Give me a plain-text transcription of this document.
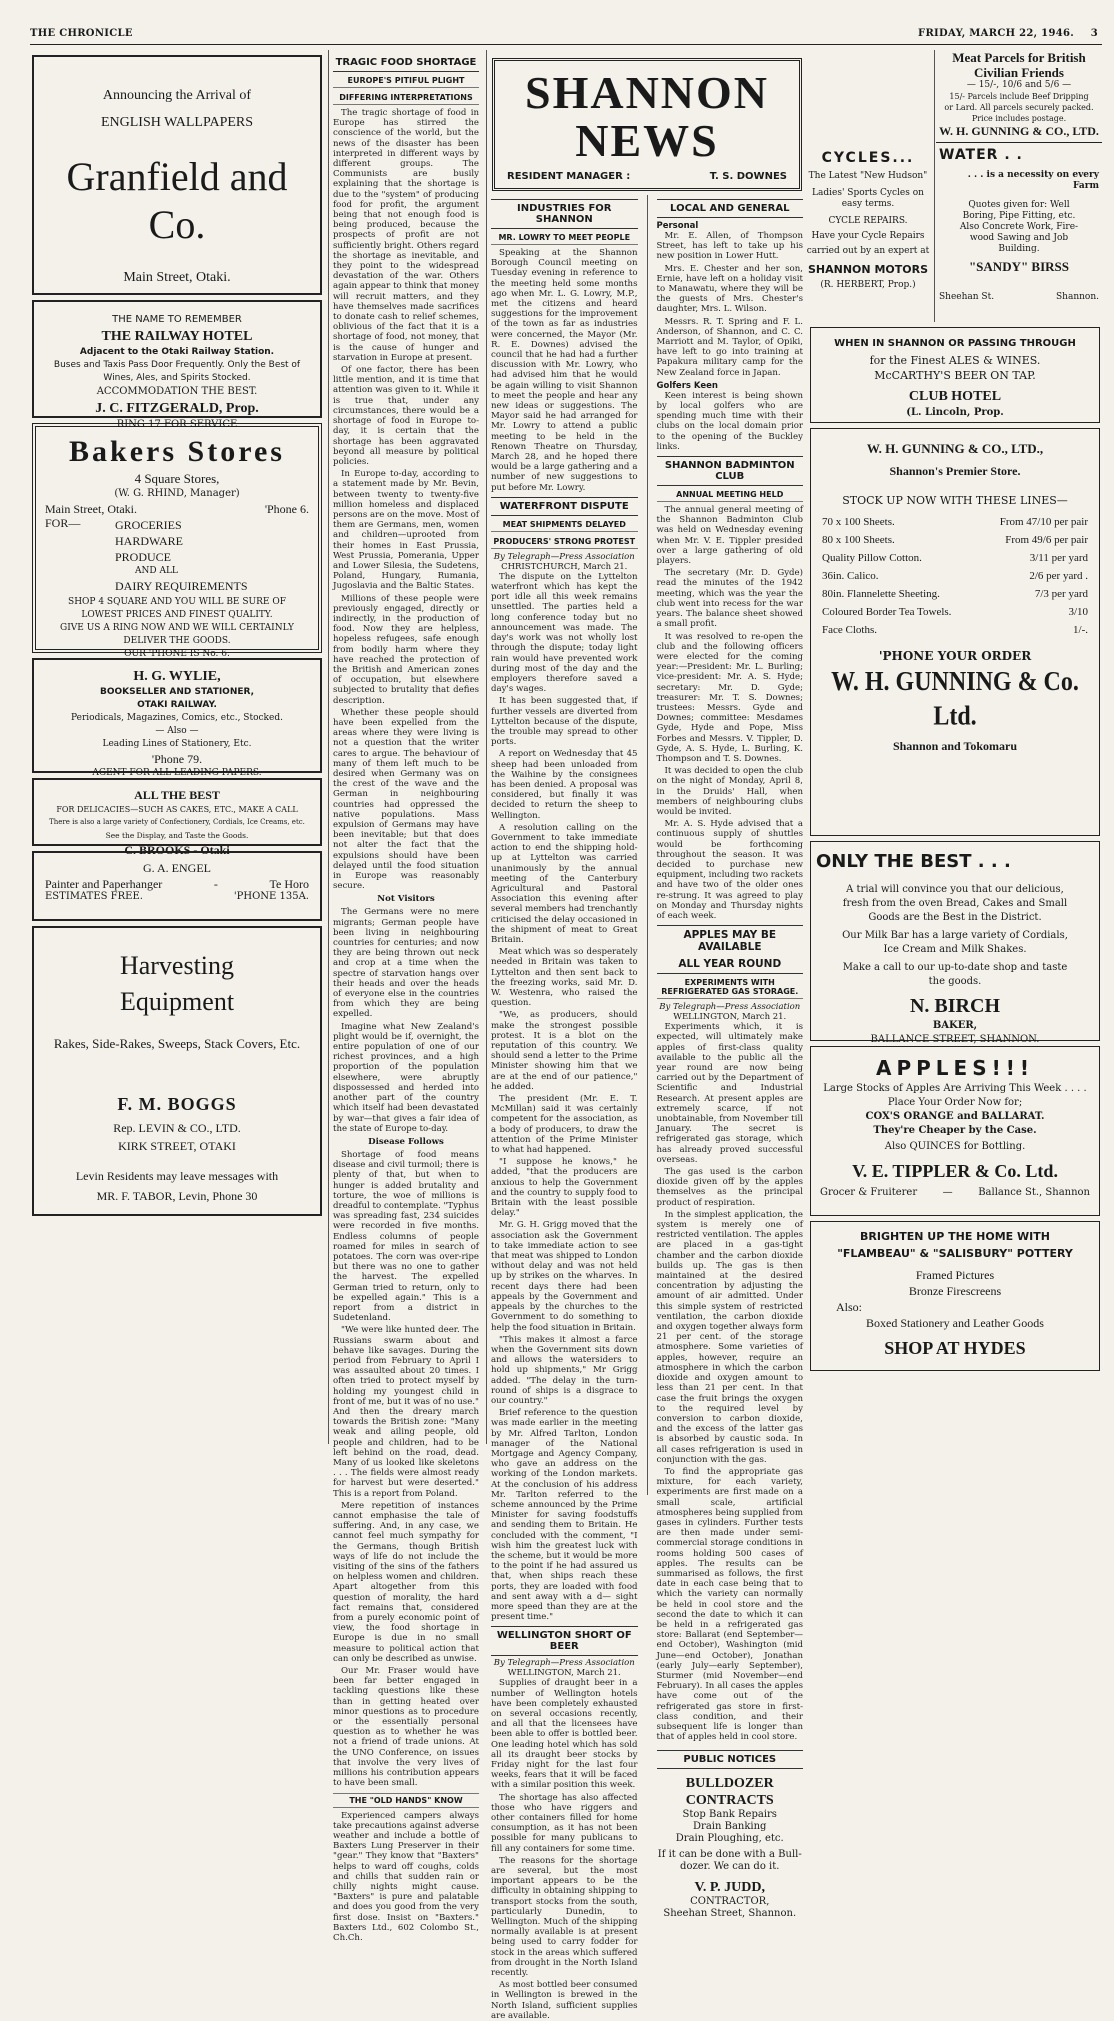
THE CHRONICLE	FRIDAY, MARCH 22, 1946. 3

Announcing the Arrival of

ENGLISH WALLPAPERS

Granfield and Co.

Main Street, Otaki.

THE NAME TO REMEMBER

THE RAILWAY HOTEL

Adjacent to the Otaki Railway Station.

Buses and Taxis Pass Door Frequently. Only the Best of

Wines, Ales, and Spirits Stocked.

ACCOMMODATION THE BEST.

J. C. FITZGERALD, Prop.

RING 17 FOR SERVICE

Bakers Stores

4 Square Stores,

(W. G. RHIND, Manager)

Main Street, Otaki.	'Phone 6.
FOR—	GROCERIES

HARDWARE

PRODUCE

AND ALL

DAIRY REQUIREMENTS

SHOP 4 SQUARE AND YOU WILL BE SURE OF

LOWEST PRICES AND FINEST QUALITY.

GIVE US A RING NOW AND WE WILL CERTAINLY

DELIVER THE GOODS.

OUR 'PHONE IS No. 6.

H. G. WYLIE,

BOOKSELLER AND STATIONER,

OTAKI RAILWAY.

Periodicals, Magazines, Comics, etc., Stocked.

— Also —

Leading Lines of Stationery, Etc.

'Phone 79.

AGENT FOR ALL LEADING PAPERS.

ALL THE BEST

FOR DELICACIES—SUCH AS CAKES, ETC., MAKE A CALL

There is also a large variety of Confectionery, Cordials, Ice Creams, etc.

See the Display, and Taste the Goods.

C. BROOKS - Otaki

G. A. ENGEL

Painter and Paperhanger	-	Te Horo
ESTIMATES FREE.	'PHONE 135A.

Harvesting

Equipment

Rakes, Side-Rakes, Sweeps, Stack Covers, Etc.

F. M. BOGGS

Rep. LEVIN & CO., LTD.

KIRK STREET, OTAKI

Levin Residents may leave messages with

MR. F. TABOR, Levin, Phone 30

TRAGIC FOOD SHORTAGE
EUROPE'S PITIFUL PLIGHT
DIFFERING INTERPRETATIONS

The tragic shortage of food in Europe has stirred the conscience of the world, but the news of the disaster has been interpreted in different ways by different groups. The Communists are busily explaining that the shortage is due to the "system" of producing food for profit, the argument being that not enough food is being produced, because the prospects of profit are not sufficiently bright. Others regard the shortage as inevitable, and they point to the widespread devastation of the war. Others again appear to think that money will recruit matters, and they have themselves made sacrifices to donate cash to relief schemes, oblivious of the fact that it is a shortage of food, not money, that is the cause of hunger and starvation in Europe at present.

Of one factor, there has been little mention, and it is time that attention was given to it. While it is true that, under any circumstances, there would be a shortage of food in Europe to-day, it is certain that the shortage has been aggravated beyond all measure by political policies.

In Europe to-day, according to a statement made by Mr. Bevin, between twenty to twenty-five million homeless and displaced persons are on the move. Most of them are Germans, men, women and children—uprooted from their homes in East Prussia, West Prussia, Pomerania, Upper and Lower Silesia, the Sudetens, Poland, Hungary, Rumania, Jugoslavia and the Baltic States.

Millions of these people were previously engaged, directly or indirectly, in the production of food. Now they are helpless, hopeless refugees, safe enough from bodily harm where they have reached the protection of the British and American zones of occupation, but elsewhere subjected to brutality that defies description.

Whether these people should have been expelled from the areas where they were living is not a question that the writer cares to argue. The behaviour of many of them left much to be desired when Germany was on the crest of the wave and the German in neighbouring countries had oppressed the native populations. Mass expulsion of Germans may have been inevitable; but that does not alter the fact that the expulsions should have been delayed until the food situation in Europe was reasonably secure.

Not Visitors

The Germans were no mere migrants; German people have been living in neighbouring countries for centuries; and now they are being thrown out neck and crop at a time when the spectre of starvation hangs over their heads and over the heads of everyone else in the countries from which they are being expelled.

Imagine what New Zealand's plight would be if, overnight, the entire population of one of our richest provinces, and a high proportion of the population elsewhere, were abruptly dispossessed and herded into another part of the country which itself had been devastated by war—that gives a fair idea of the state of Europe to-day.

Disease Follows

Shortage of food means disease and civil turmoil; there is plenty of that, but when to hunger is added brutality and torture, the woe of millions is dreadful to contemplate. "Typhus was spreading fast, 234 suicides were recorded in five months. Endless columns of people roamed for miles in search of potatoes. The corn was over-ripe but there was no one to gather the harvest. The expelled German tried to return, only to be expelled again." This is a report from a district in Sudetenland.

"We were like hunted deer. The Russians swarm about and behave like savages. During the period from February to April I was assaulted about 20 times. I often tried to protect myself by holding my youngest child in front of me, but it was of no use." And then the dreary march towards the British zone: "Many weak and ailing people, old people and children, had to be left behind on the road, dead. Many of us looked like skeletons . . . The fields were almost ready for harvest but were deserted." This is a report from Poland.

Mere repetition of instances cannot emphasise the tale of suffering. And, in any case, we cannot feel much sympathy for the Germans, though British ways of life do not include the visiting of the sins of the fathers on helpless women and children. Apart altogether from this question of morality, the hard fact remains that, considered from a purely economic point of view, the food shortage in Europe is due in no small measure to political action that can only be described as unwise.

Our Mr. Fraser would have been far better engaged in tackling questions like these than in getting heated over minor questions as to procedure or the essentially personal question as to whether he was not a friend of trade unions. At the UNO Conference, on issues that involve the very lives of millions his contribution appears to have been small.

THE "OLD HANDS" KNOW

Experienced campers always take precautions against adverse weather and include a bottle of Baxters Lung Preserver in their "gear." They know that "Baxters" helps to ward off coughs, colds and chills that sudden rain or chilly nights might cause. "Baxters" is pure and palatable and does you good from the very first dose. Insist on "Baxters." Baxters Ltd., 602 Colombo St., Ch.Ch.

SHANNON NEWS
RESIDENT MANAGER :	T. S. DOWNES
INDUSTRIES FOR SHANNON
MR. LOWRY TO MEET PEOPLE

Speaking at the Shannon Borough Council meeting on Tuesday evening in reference to the meeting held some months ago when Mr. L. G. Lowry, M.P., met the citizens and heard suggestions for the improvement of the town as far as industries were concerned, the Mayor (Mr. R. E. Downes) advised the council that he had had a further discussion with Mr. Lowry, who had advised him that he would be again willing to visit Shannon to meet the people and hear any new ideas or suggestions. The Mayor said he had arranged for Mr. Lowry to attend a public meeting to be held in the Renown Theatre on Thursday, March 28, and he hoped there would be a large gathering and a number of new suggestions to put before Mr. Lowry.

WATERFRONT DISPUTE
MEAT SHIPMENTS DELAYED
PRODUCERS' STRONG PROTEST

By Telegraph—Press Association

CHRISTCHURCH, March 21.

The dispute on the Lyttelton waterfront which has kept the port idle all this week remains unsettled. The parties held a long conference today but no announcement was made. The day's work was not wholly lost through the dispute; today light rain would have prevented work during most of the day and the employers therefore saved a day's wages.

It has been suggested that, if further vessels are diverted from Lyttelton because of the dispute, the trouble may spread to other ports.

A report on Wednesday that 45 sheep had been unloaded from the Waihine by the consignees has been denied. A proposal was considered, but finally it was decided to return the sheep to Wellington.

A resolution calling on the Government to take immediate action to end the shipping hold-up at Lyttelton was carried unanimously by the annual meeting of the Canterbury Agricultural and Pastoral Association this evening after several members had trenchantly criticised the delay occasioned in the shipment of meat to Great Britain.

Meat which was so desperately needed in Britain was taken to Lyttelton and then sent back to the freezing works, said Mr. D. W. Westenra, who raised the question.

"We, as producers, should make the strongest possible protest. It is a blot on the reputation of this country. We should send a letter to the Prime Minister showing him that we are at the end of our patience," he added.

The president (Mr. E. T. McMillan) said it was certainly competent for the association, as a body of producers, to draw the attention of the Prime Minister to what had happened.

"I suppose he knows," he added, "that the producers are anxious to help the Government and the country to supply food to Britain with the least possible delay."

Mr. G. H. Grigg moved that the association ask the Government to take immediate action to see that meat was shipped to London without delay and was not held up by strikes on the wharves. In recent days there had been appeals by the Government and appeals by the churches to the Government to do something to help the food situation in Britain.

"This makes it almost a farce when the Government sits down and allows the watersiders to hold up shipments," Mr Grigg added. "The delay in the turn-round of ships is a disgrace to our country."

Brief reference to the question was made earlier in the meeting by Mr. Alfred Tarlton, London manager of the National Mortgage and Agency Company, who gave an address on the working of the London markets. At the conclusion of his address Mr. Tarlton referred to the scheme announced by the Prime Minister for saving foodstuffs and sending them to Britain. He concluded with the comment, "I wish him the greatest luck with the scheme, but it would be more to the point if he had assured us that, when ships reach these ports, they are loaded with food and sent away with a d— sight more speed than they are at the present time."

WELLINGTON SHORT OF BEER

By Telegraph—Press Association

WELLINGTON, March 21.

Supplies of draught beer in a number of Wellington hotels have been completely exhausted on several occasions recently, and all that the licensees have been able to offer is bottled beer. One leading hotel which has sold all its draught beer stocks by Friday night for the last four weeks, fears that it will be faced with a similar position this week.

The shortage has also affected those who have riggers and other containers filled for home consumption, as it has not been possible for many publicans to fill any containers for some time.

The reasons for the shortage are several, but the most important appears to be the difficulty in obtaining shipping to transport stocks from the south, particularly Dunedin, to Wellington. Much of the shipping normally available is at present being used to carry fodder for stock in the areas which suffered from drought in the North Island recently.

As most bottled beer consumed in Wellington is brewed in the North Island, sufficient supplies are available.

LOCAL AND GENERAL

Personal

Mr. E. Allen, of Thompson Street, has left to take up his new position in Lower Hutt.

Mrs. E. Chester and her son, Ernie, have left on a holiday visit to Manawatu, where they will be the guests of Mrs. Chester's daughter, Mrs. L. Wilson.

Messrs. R. T. Spring and F. L. Anderson, of Shannon, and C. C. Marriott and M. Taylor, of Opiki, have left to go into training at Papakura military camp for the New Zealand force in Japan.

Golfers Keen

Keen interest is being shown by local golfers who are spending much time with their clubs on the local domain prior to the opening of the Buckley links.

SHANNON BADMINTON CLUB
ANNUAL MEETING HELD

The annual general meeting of the Shannon Badminton Club was held on Wednesday evening when Mr. V. E. Tippler presided over a large gathering of old players.

The secretary (Mr. D. Gyde) read the minutes of the 1942 meeting, which was the year the club went into recess for the war years. The balance sheet showed a small profit.

It was resolved to re-open the club and the following officers were elected for the coming year:—President: Mr. L. Burling; vice-president: Mr. A. S. Hyde; secretary: Mr. D. Gyde; treasurer: Mr. T. S. Downes; trustees: Messrs. Gyde and Downes; committee: Mesdames Gyde, Hyde and Pope, Miss Forbes and Messrs. V. Tippler, D. Gyde, A. S. Hyde, L. Burling, K. Thompson and T. S. Downes.

It was decided to open the club on the night of Monday, April 8, in the Druids' Hall, when members of neighbouring clubs would be invited.

Mr. A. S. Hyde advised that a continuous supply of shuttles would be forthcoming throughout the season. It was decided to purchase new equipment, including two rackets and have two of the older ones re-strung. It was agreed to play on Monday and Thursday nights of each week.

APPLES MAY BE AVAILABLE
ALL YEAR ROUND
EXPERIMENTS WITH REFRIGERATED GAS STORAGE.

By Telegraph—Press Association

WELLINGTON, March 21.

Experiments which, it is expected, will ultimately make apples of first-class quality available to the public all the year round are now being carried out by the Department of Scientific and Industrial Research. At present apples are extremely scarce, if not unobtainable, from November till January. The secret is refrigerated gas storage, which has already proved successful overseas.

The gas used is the carbon dioxide given off by the apples themselves as the principal product of respiration.

In the simplest application, the system is merely one of restricted ventilation. The apples are placed in a gas-tight chamber and the carbon dioxide builds up. The gas is then maintained at the desired concentration by adjusting the amount of air admitted. Under this simple system of restricted ventilation, the carbon dioxide and oxygen together always form 21 per cent. of the storage atmosphere. Some varieties of apples, however, require an atmosphere in which the carbon dioxide and oxygen amount to less than 21 per cent. In that case the fruit brings the oxygen to the required level by conversion to carbon dioxide, and the excess of the latter gas is absorbed by caustic soda. In all cases refrigeration is used in conjunction with the gas.

To find the appropriate gas mixture, for each variety, experiments are first made on a small scale, artificial atmospheres being supplied from gases in cylinders. Further tests are then made under semi-commercial storage conditions in rooms holding 500 cases of apples. The results can be summarised as follows, the first date in each case being that to which the variety can normally be held in cool store and the second the date to which it can be held in a refrigerated gas store: Ballarat (end September—end October), Washington (mid June—end October), Jonathan (early July—early September), Sturmer (mid November—end February). In all cases the apples have come out of the refrigerated gas store in first-class condition, and their subsequent life is longer than that of apples held in cool store.

PUBLIC NOTICES

BULLDOZER CONTRACTS

Stop Bank Repairs

Drain Banking

Drain Ploughing, etc.

If it can be done with a Bull-

dozer. We can do it.

V. P. JUDD,

CONTRACTOR,

Sheehan Street, Shannon.

CYCLES...

The Latest "New Hudson"

Ladies' Sports Cycles on

easy terms.

CYCLE REPAIRS.

Have your Cycle Repairs

carried out by an expert at

SHANNON MOTORS

(R. HERBERT, Prop.)

Meat Parcels for British

Civilian Friends

— 15/-, 10/6 and 5/6 —

15/- Parcels include Beef Dripping

or Lard. All parcels securely packed.

Price includes postage.

W. H. GUNNING & CO., LTD.

WATER . .

. . . is a necessity on every Farm

Quotes given for: Well

Boring, Pipe Fitting, etc.

Also Concrete Work, Fire-

wood Sawing and Job

Building.

"SANDY" BIRSS

Sheehan St.	Shannon.

WHEN IN SHANNON OR PASSING THROUGH

for the Finest ALES & WINES.

McCARTHY'S BEER ON TAP.

CLUB HOTEL

(L. Lincoln, Prop.

W. H. GUNNING & CO., LTD.,

Shannon's Premier Store.

STOCK UP NOW WITH THESE LINES—

70 x 100 Sheets.	From 47/10 per pair
80 x 100 Sheets.	From 49/6 per pair
Quality Pillow Cotton.	3/11 per yard
36in. Calico.	2/6 per yard .
80in. Flannelette Sheeting.	7/3 per yard
Coloured Border Tea Towels.	3/10
Face Cloths.	1/-.

'PHONE YOUR ORDER

W. H. GUNNING & Co. Ltd.

Shannon and Tokomaru

ONLY THE BEST . . .

A trial will convince you that our delicious,

fresh from the oven Bread, Cakes and Small

Goods are the Best in the District.

Our Milk Bar has a large variety of Cordials,

Ice Cream and Milk Shakes.

Make a call to our up-to-date shop and taste

the goods.

N. BIRCH

BAKER,

BALLANCE STREET, SHANNON.

APPLES!!!

Large Stocks of Apples Are Arriving This Week . . . .

Place Your Order Now for;

COX'S ORANGE and BALLARAT.

They're Cheaper by the Case.

Also QUINCES for Bottling.

V. E. TIPPLER & Co. Ltd.

Grocer & Fruiterer	—	Ballance St., Shannon

BRIGHTEN UP THE HOME WITH

"FLAMBEAU" & "SALISBURY" POTTERY

Framed Pictures

Bronze Firescreens

Also:

Boxed Stationery and Leather Goods

SHOP AT HYDES
